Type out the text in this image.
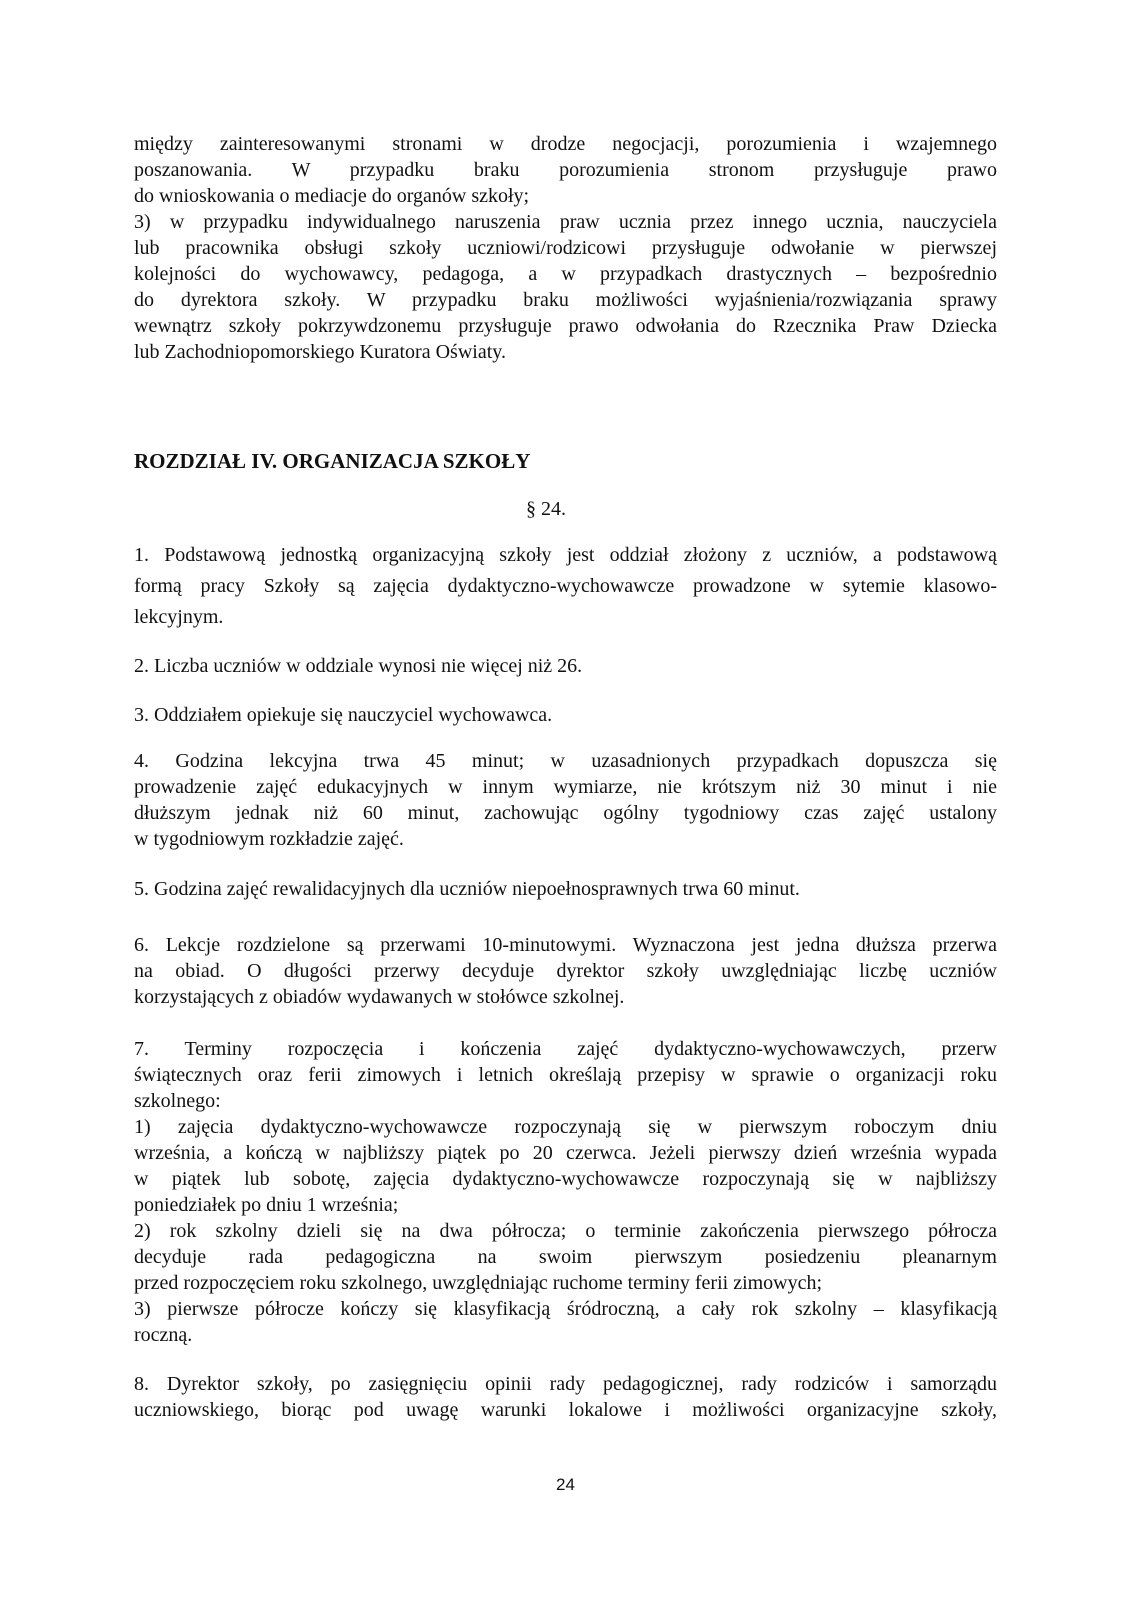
między zainteresowanymi stronami w drodze negocjacji, porozumienia i wzajemnego
poszanowania. W przypadku braku porozumienia stronom przysługuje prawo
do wnioskowania o mediacje do organów szkoły;
3) w przypadku indywidualnego naruszenia praw ucznia przez innego ucznia, nauczyciela
lub pracownika obsługi szkoły uczniowi/rodzicowi przysługuje odwołanie w pierwszej
kolejności do wychowawcy, pedagoga, a w przypadkach drastycznych – bezpośrednio
do dyrektora szkoły. W przypadku braku możliwości wyjaśnienia/rozwiązania sprawy
wewnątrz szkoły pokrzywdzonemu przysługuje prawo odwołania do Rzecznika Praw Dziecka
lub Zachodniopomorskiego Kuratora Oświaty.
ROZDZIAŁ IV. ORGANIZACJA SZKOŁY

§ 24.

1. Podstawową jednostką organizacyjną szkoły jest oddział złożony z uczniów, a podstawową
formą pracy Szkoły są zajęcia dydaktyczno-wychowawcze prowadzone w sytemie klasowo-
lekcyjnym.
2. Liczba uczniów w oddziale wynosi nie więcej niż 26.
3. Oddziałem opiekuje się nauczyciel wychowawca.
4. Godzina lekcyjna trwa 45 minut; w uzasadnionych przypadkach dopuszcza się
prowadzenie zajęć edukacyjnych w innym wymiarze, nie krótszym niż 30 minut i nie
dłuższym jednak niż 60 minut, zachowując ogólny tygodniowy czas zajęć ustalony
w tygodniowym rozkładzie zajęć.
5. Godzina zajęć rewalidacyjnych dla uczniów niepoełnosprawnych trwa 60 minut.
6. Lekcje rozdzielone są przerwami 10-minutowymi. Wyznaczona jest jedna dłuższa przerwa
na obiad. O długości przerwy decyduje dyrektor szkoły uwzględniając liczbę uczniów
korzystających z obiadów wydawanych w stołówce szkolnej.
7. Terminy rozpoczęcia i kończenia zajęć dydaktyczno-wychowawczych, przerw
świątecznych oraz ferii zimowych i letnich określają przepisy w sprawie o organizacji roku
szkolnego:
1) zajęcia dydaktyczno-wychowawcze rozpoczynają się w pierwszym roboczym dniu
września, a kończą w najbliższy piątek po 20 czerwca. Jeżeli pierwszy dzień września wypada
w piątek lub sobotę, zajęcia dydaktyczno-wychowawcze rozpoczynają się w najbliższy
poniedziałek po dniu 1 września;
2) rok szkolny dzieli się na dwa półrocza; o terminie zakończenia pierwszego półrocza
decyduje rada pedagogiczna na swoim pierwszym posiedzeniu pleanarnym
przed rozpoczęciem roku szkolnego, uwzględniając ruchome terminy ferii zimowych;
3) pierwsze półrocze kończy się klasyfikacją śródroczną, a cały rok szkolny – klasyfikacją
roczną.
8. Dyrektor szkoły, po zasięgnięciu opinii rady pedagogicznej, rady rodziców i samorządu
uczniowskiego, biorąc pod uwagę warunki lokalowe i możliwości organizacyjne szkoły,
24
